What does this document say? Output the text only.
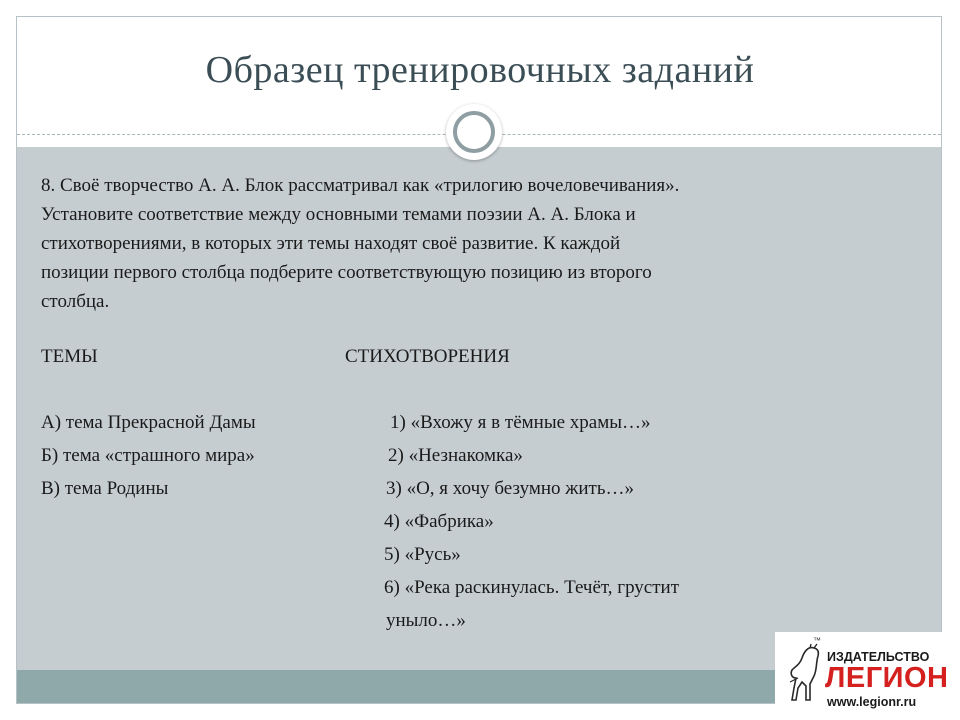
Образец тренировочных заданий
8. Своё творчество А. А. Блок рассматривал как «трилогию вочеловечивания».
Установите соответствие между основными темами поэзии А. А. Блока и
стихотворениями, в которых эти темы находят своё развитие. К каждой
позиции первого столбца подберите соответствующую позицию из второго
столбца.
ТЕМЫ	СТИХОТВОРЕНИЯ
А) тема Прекрасной Дамы
Б) тема «страшного мира»
В) тема Родины
1) «Вхожу я в тёмные храмы…»
2) «Незнакомка»
3) «О, я хочу безумно жить…»
4) «Фабрика»
5) «Русь»
6) «Река раскинулась. Течёт, грустит
уныло…»
™
ИЗДАТЕЛЬСТВО
ЛЕГИОН
www.legionr.ru
